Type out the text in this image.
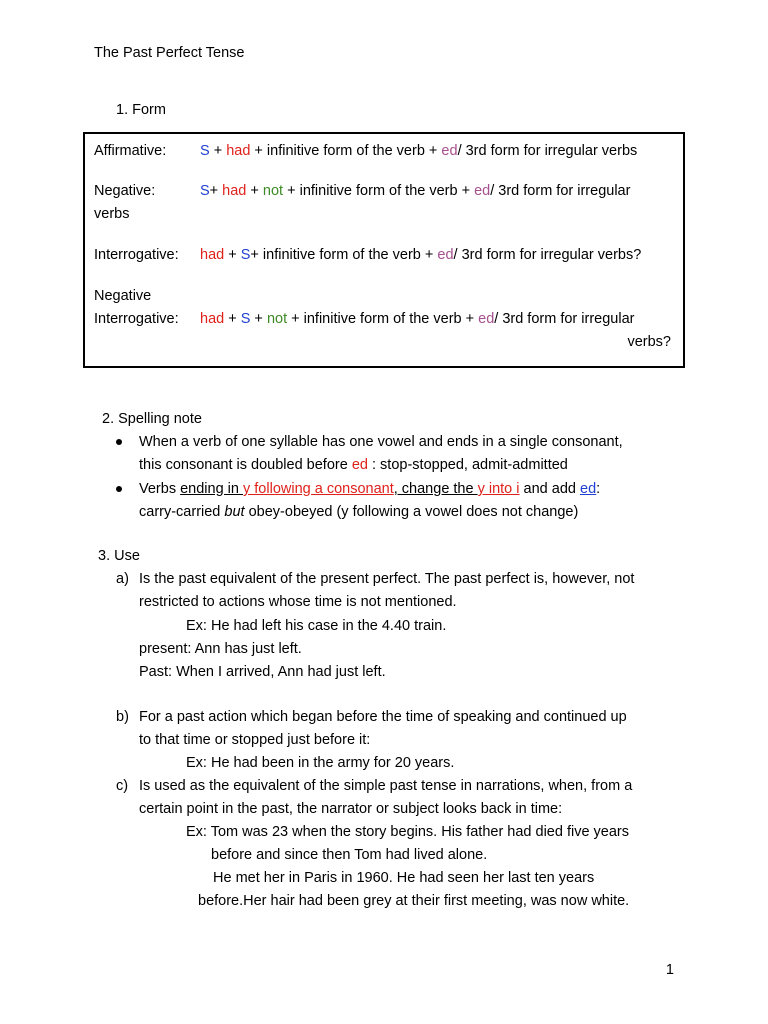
The Past Perfect Tense
1. Form
Affirmative: S + had + infinitive form of the verb + ed/ 3rd form for irregular verbs
Negative:	S+ had + not + infinitive form of the verb + ed/ 3rd form for irregular
verbs
Interrogative: had + S+ infinitive form of the verb + ed/ 3rd form for irregular verbs?
Negative
Interrogative: had + S + not + infinitive form of the verb + ed/ 3rd form for irregular
verbs?
2. Spelling note
When a verb of one syllable has one vowel and ends in a single consonant,
this consonant is doubled before ed : stop-stopped, admit-admitted
Verbs ending in y following a consonant, change the y into i and add ed:
carry-carried but obey-obeyed (y following a vowel does not change)
3. Use
a) Is the past equivalent of the present perfect. The past perfect is, however, not
restricted to actions whose time is not mentioned.
Ex: He had left his case in the 4.40 train.
present: Ann has just left.
Past: When I arrived, Ann had just left.
b) For a past action which began before the time of speaking and continued up
to that time or stopped just before it:
Ex: He had been in the army for 20 years.
c) Is used as the equivalent of the simple past tense in narrations, when, from a
certain point in the past, the narrator or subject looks back in time:
Ex: Tom was 23 when the story begins. His father had died five years
before and since then Tom had lived alone.
He met her in Paris in 1960. He had seen her last ten years
before.Her hair had been grey at their first meeting, was now white.
1
